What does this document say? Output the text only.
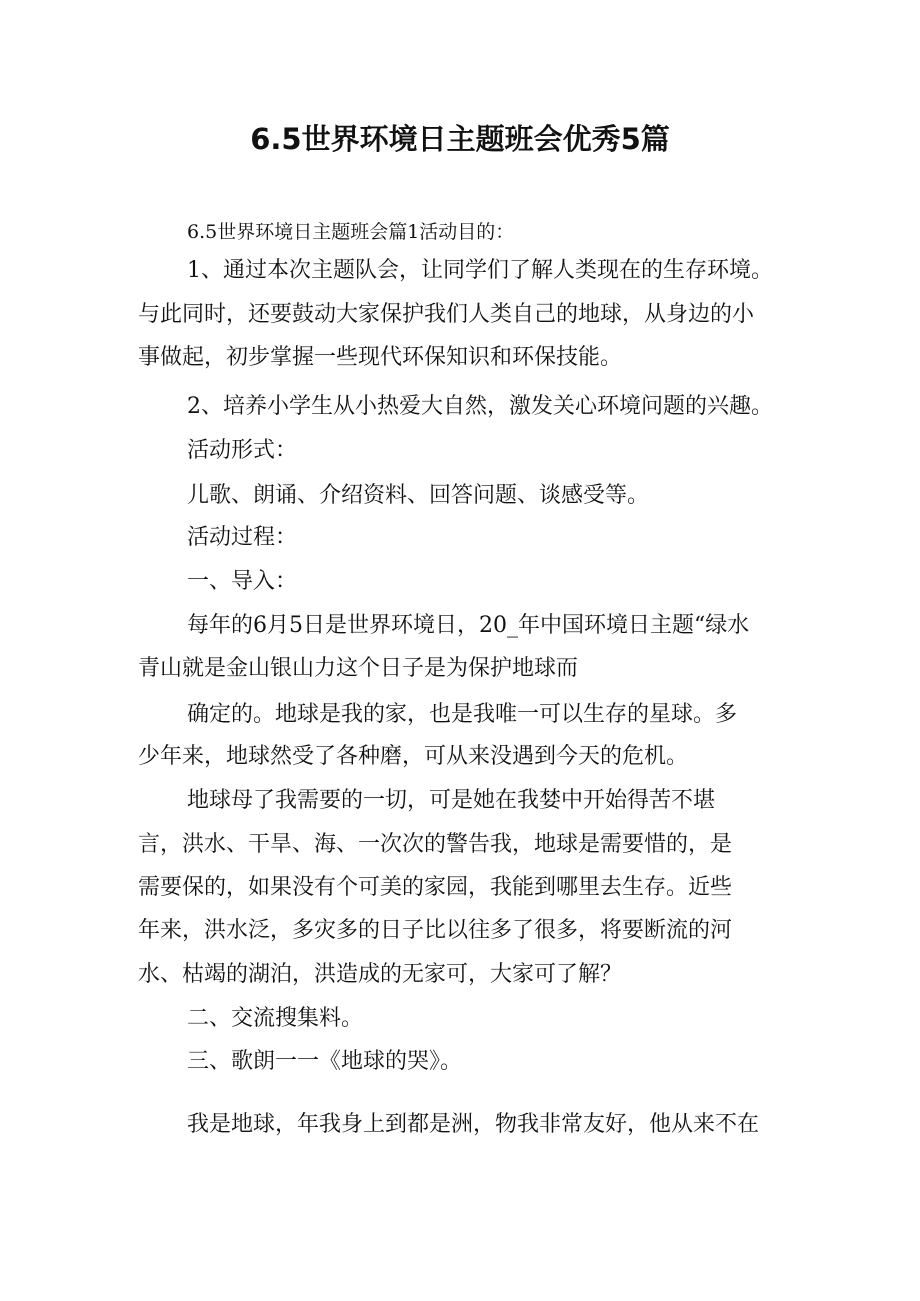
6.5世界环境日主题班会优秀5篇
6.5世界环境日主题班会篇1活动目的：
1、通过本次主题队会，让同学们了解人类现在的生存环境。
与此同时，还要鼓动大家保护我们人类自己的地球，从身边的小
事做起，初步掌握一些现代环保知识和环保技能。
2、培养小学生从小热爱大自然，激发关心环境问题的兴趣。
活动形式：
儿歌、朗诵、介绍资料、回答问题、谈感受等。
活动过程：
一、导入：
每年的6月5日是世界环境日，20_年中国环境日主题“绿水
青山就是金山银山力这个日子是为保护地球而
确定的。地球是我的家，也是我唯一可以生存的星球。多
少年来，地球然受了各种磨，可从来没遇到今天的危机。
地球母了我需要的一切，可是她在我婪中开始得苦不堪
言，洪水、干旱、海、一次次的警告我，地球是需要惜的，是
需要保的，如果没有个可美的家园，我能到哪里去生存。近些
年来，洪水泛，多灾多的日子比以往多了很多，将要断流的河
水、枯竭的湖泊，洪造成的无家可，大家可了解？
二、交流搜集料。
三、歌朗一一《地球的哭》。
我是地球，年我身上到都是洲，物我非常友好，他从来不在
